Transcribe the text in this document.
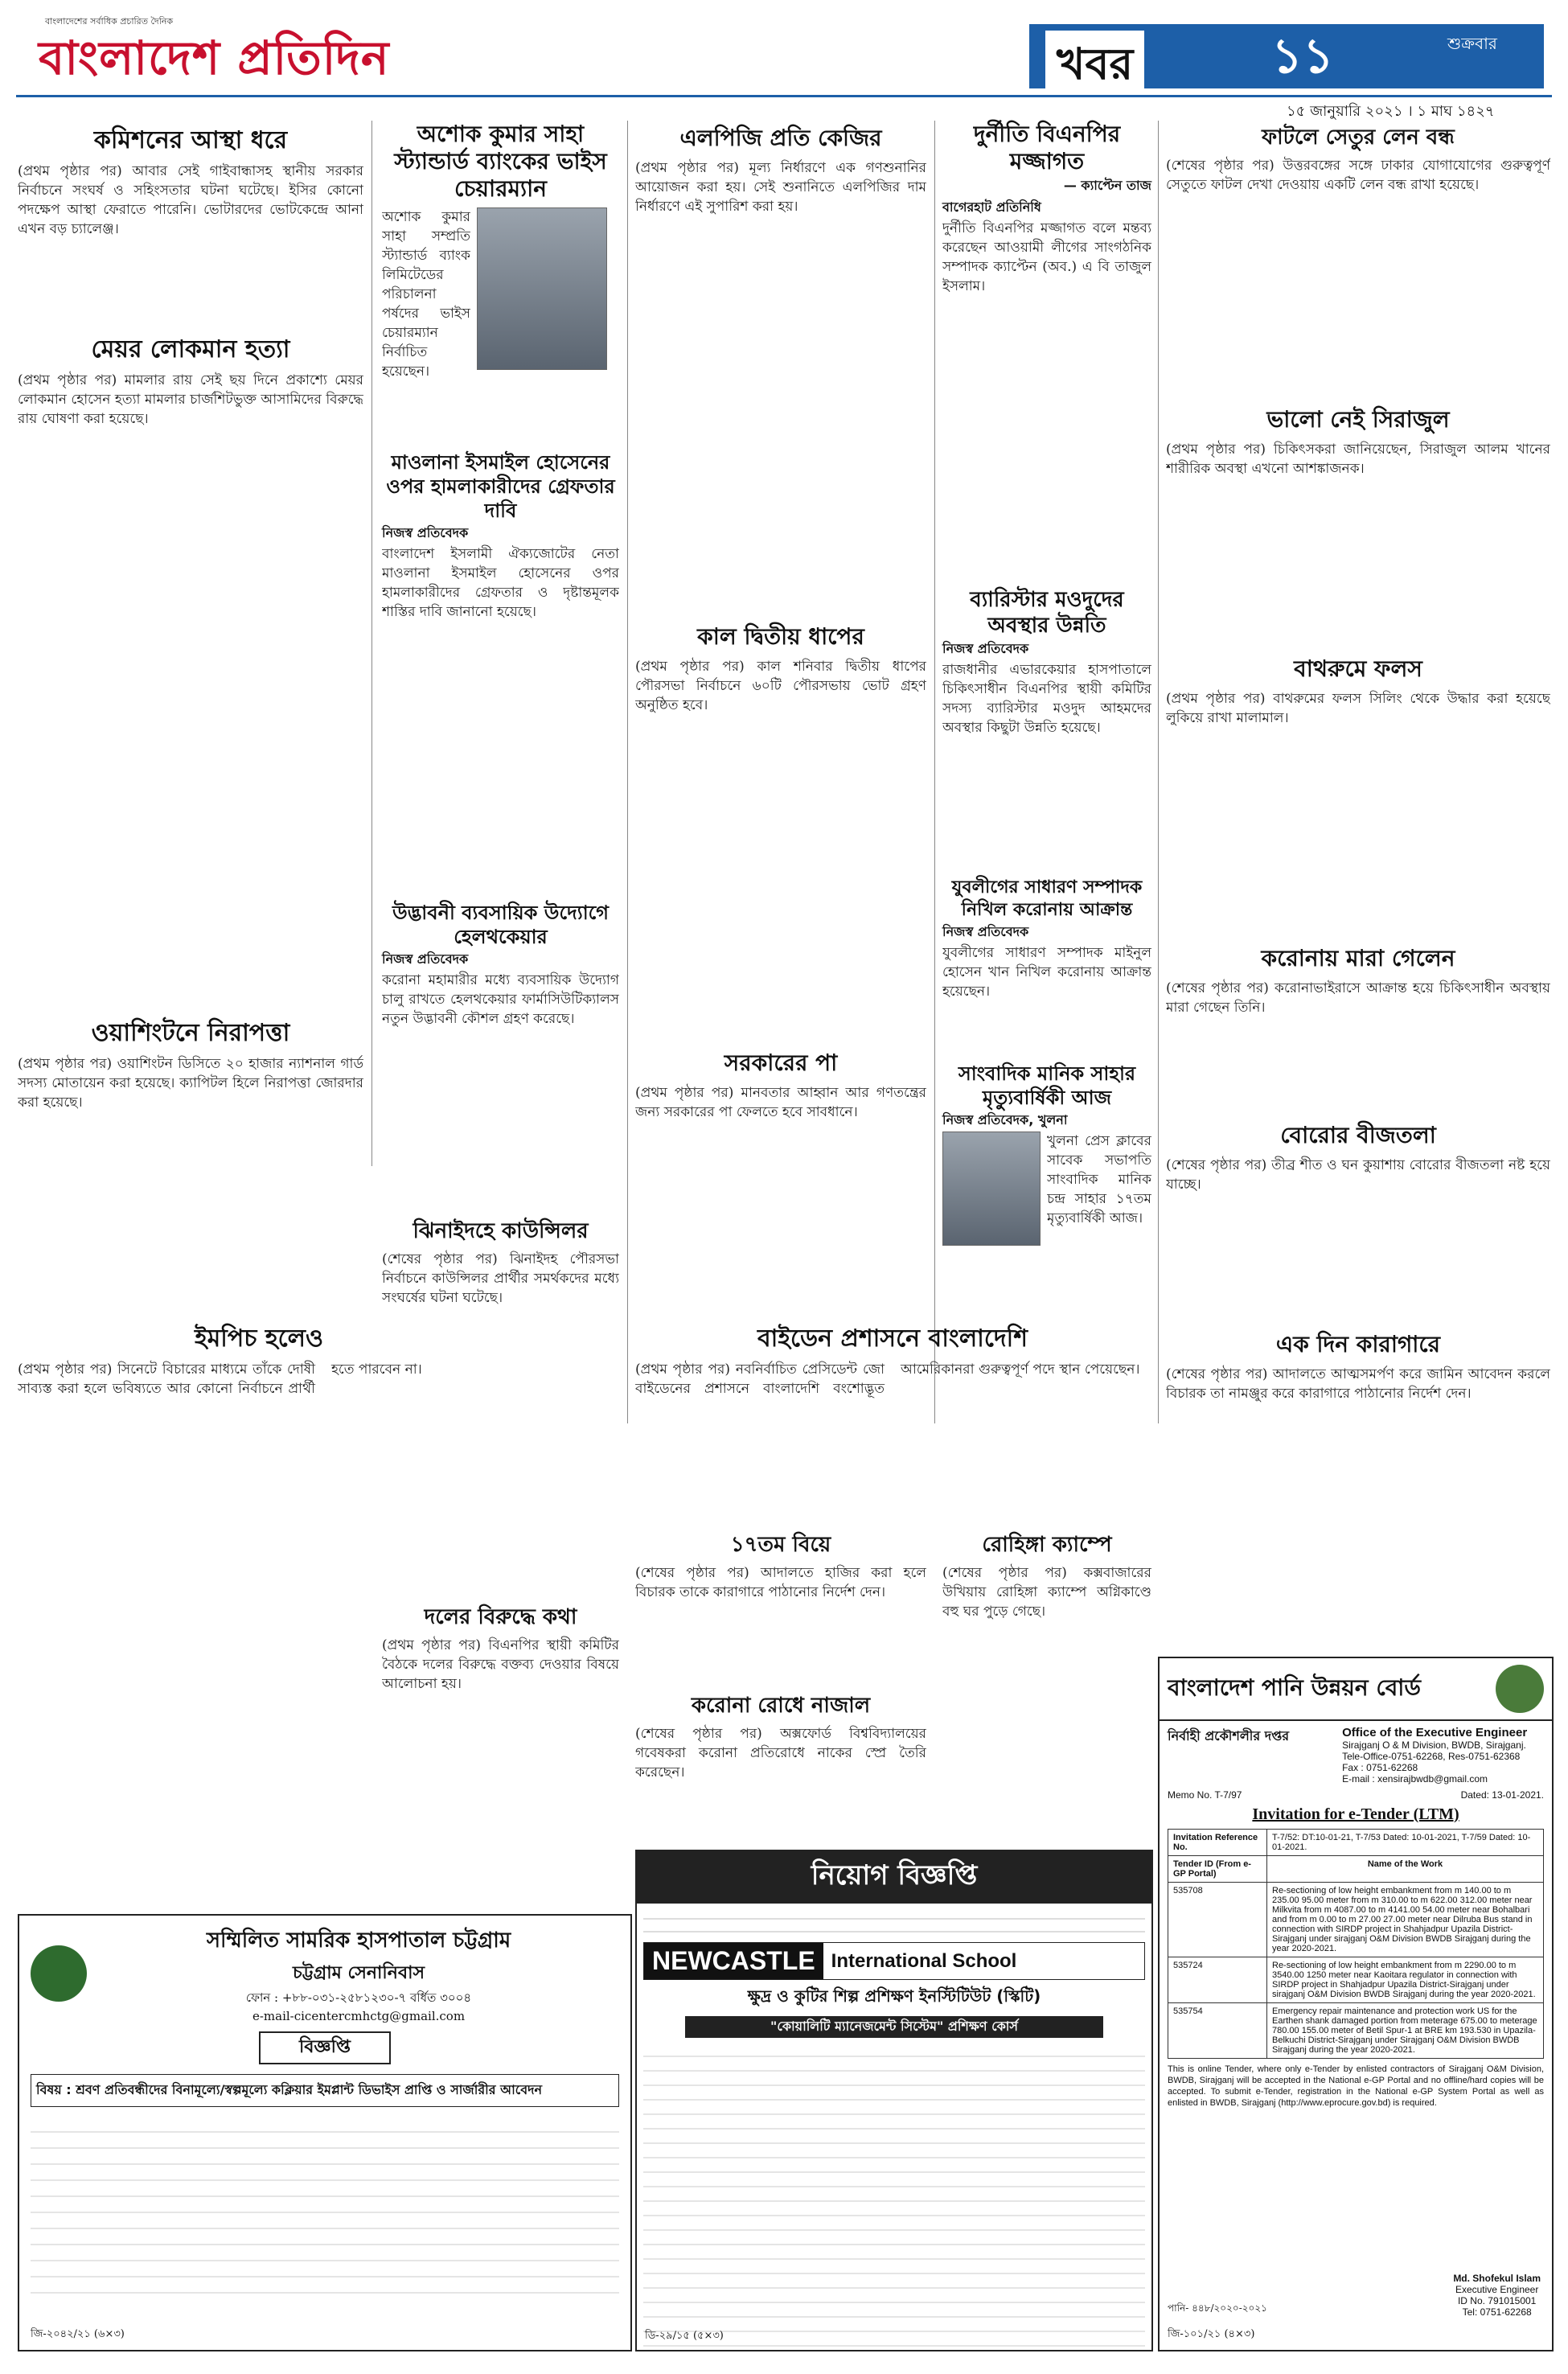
বাংলাদেশের সর্বাধিক প্রচারিত দৈনিক
বাংলাদেশ প্রতিদিন	খবর	১১	শুক্রবার
১৫ জানুয়ারি ২০২১ । ১ মাঘ ১৪২৭
কমিশনের আস্থা ধরে
(প্রথম পৃষ্ঠার পর) আবার সেই গাইবান্ধাসহ স্থানীয় সরকার নির্বাচনে সংঘর্ষ ও সহিংসতার ঘটনা ঘটেছে। ইসির কোনো পদক্ষেপ আস্থা ফেরাতে পারেনি। ভোটারদের ভোটকেন্দ্রে আনা এখন বড় চ্যালেঞ্জ।
মেয়র লোকমান হত্যা
(প্রথম পৃষ্ঠার পর) মামলার রায় সেই ছয় দিনে প্রকাশ্যে মেয়র লোকমান হোসেন হত্যা মামলার চার্জশিটভুক্ত আসামিদের বিরুদ্ধে রায় ঘোষণা করা হয়েছে।
ওয়াশিংটনে নিরাপত্তা
(প্রথম পৃষ্ঠার পর) ওয়াশিংটন ডিসিতে ২০ হাজার ন্যাশনাল গার্ড সদস্য মোতায়েন করা হয়েছে। ক্যাপিটল হিলে নিরাপত্তা জোরদার করা হয়েছে।
ইমপিচ হলেও
(প্রথম পৃষ্ঠার পর) সিনেটে বিচারের মাধ্যমে তাঁকে দোষী সাব্যস্ত করা হলে ভবিষ্যতে আর কোনো নির্বাচনে প্রার্থী হতে পারবেন না।
অশোক কুমার সাহা স্ট্যান্ডার্ড ব্যাংকের ভাইস চেয়ারম্যান
অশোক কুমার সাহা সম্প্রতি স্ট্যান্ডার্ড ব্যাংক লিমিটেডের পরিচালনা পর্ষদের ভাইস চেয়ারম্যান নির্বাচিত হয়েছেন।
মাওলানা ইসমাইল হোসেনের ওপর হামলাকারীদের গ্রেফতার দাবি
নিজস্ব প্রতিবেদক
বাংলাদেশ ইসলামী ঐক্যজোটের নেতা মাওলানা ইসমাইল হোসেনের ওপর হামলাকারীদের গ্রেফতার ও দৃষ্টান্তমূলক শাস্তির দাবি জানানো হয়েছে।
উদ্ভাবনী ব্যবসায়িক উদ্যোগে হেলথকেয়ার
নিজস্ব প্রতিবেদক
করোনা মহামারীর মধ্যে ব্যবসায়িক উদ্যোগ চালু রাখতে হেলথকেয়ার ফার্মাসিউটিক্যালস নতুন উদ্ভাবনী কৌশল গ্রহণ করেছে।
ঝিনাইদহে কাউন্সিলর
(শেষের পৃষ্ঠার পর) ঝিনাইদহ পৌরসভা নির্বাচনে কাউন্সিলর প্রার্থীর সমর্থকদের মধ্যে সংঘর্ষের ঘটনা ঘটেছে।
দলের বিরুদ্ধে কথা
(প্রথম পৃষ্ঠার পর) বিএনপির স্থায়ী কমিটির বৈঠকে দলের বিরুদ্ধে বক্তব্য দেওয়ার বিষয়ে আলোচনা হয়।
এলপিজি প্রতি কেজির
(প্রথম পৃষ্ঠার পর) মূল্য নির্ধারণে এক গণশুনানির আয়োজন করা হয়। সেই শুনানিতে এলপিজির দাম নির্ধারণে এই সুপারিশ করা হয়।
কাল দ্বিতীয় ধাপের
(প্রথম পৃষ্ঠার পর) কাল শনিবার দ্বিতীয় ধাপের পৌরসভা নির্বাচনে ৬০টি পৌরসভায় ভোট গ্রহণ অনুষ্ঠিত হবে।
সরকারের পা
(প্রথম পৃষ্ঠার পর) মানবতার আহ্বান আর গণতন্ত্রের জন্য সরকারের পা ফেলতে হবে সাবধানে।
বাইডেন প্রশাসনে বাংলাদেশি
(প্রথম পৃষ্ঠার পর) নবনির্বাচিত প্রেসিডেন্ট জো বাইডেনের প্রশাসনে বাংলাদেশি বংশোদ্ভূত আমেরিকানরা গুরুত্বপূর্ণ পদে স্থান পেয়েছেন।
১৭তম বিয়ে
(শেষের পৃষ্ঠার পর) আদালতে হাজির করা হলে বিচারক তাকে কারাগারে পাঠানোর নির্দেশ দেন।
করোনা রোধে নাজাল
(শেষের পৃষ্ঠার পর) অক্সফোর্ড বিশ্ববিদ্যালয়ের গবেষকরা করোনা প্রতিরোধে নাকের স্প্রে তৈরি করেছেন।
দুর্নীতি বিএনপির মজ্জাগত
— ক্যাপ্টেন তাজ
বাগেরহাট প্রতিনিধি
দুর্নীতি বিএনপির মজ্জাগত বলে মন্তব্য করেছেন আওয়ামী লীগের সাংগঠনিক সম্পাদক ক্যাপ্টেন (অব.) এ বি তাজুল ইসলাম।
ব্যারিস্টার মওদুদের অবস্থার উন্নতি
নিজস্ব প্রতিবেদক
রাজধানীর এভারকেয়ার হাসপাতালে চিকিৎসাধীন বিএনপির স্থায়ী কমিটির সদস্য ব্যারিস্টার মওদুদ আহমদের অবস্থার কিছুটা উন্নতি হয়েছে।
যুবলীগের সাধারণ সম্পাদক নিখিল করোনায় আক্রান্ত
নিজস্ব প্রতিবেদক
যুবলীগের সাধারণ সম্পাদক মাইনুল হোসেন খান নিখিল করোনায় আক্রান্ত হয়েছেন।
সাংবাদিক মানিক সাহার মৃত্যুবার্ষিকী আজ
নিজস্ব প্রতিবেদক, খুলনা
খুলনা প্রেস ক্লাবের সাবেক সভাপতি সাংবাদিক মানিক চন্দ্র সাহার ১৭তম মৃত্যুবার্ষিকী আজ।
রোহিঙ্গা ক্যাম্পে
(শেষের পৃষ্ঠার পর) কক্সবাজারের উখিয়ায় রোহিঙ্গা ক্যাম্পে অগ্নিকাণ্ডে বহু ঘর পুড়ে গেছে।
ফাটলে সেতুর লেন বন্ধ
(শেষের পৃষ্ঠার পর) উত্তরবঙ্গের সঙ্গে ঢাকার যোগাযোগের গুরুত্বপূর্ণ সেতুতে ফাটল দেখা দেওয়ায় একটি লেন বন্ধ রাখা হয়েছে।
ভালো নেই সিরাজুল
(প্রথম পৃষ্ঠার পর) চিকিৎসকরা জানিয়েছেন, সিরাজুল আলম খানের শারীরিক অবস্থা এখনো আশঙ্কাজনক।
বাথরুমে ফলস
(প্রথম পৃষ্ঠার পর) বাথরুমের ফলস সিলিং থেকে উদ্ধার করা হয়েছে লুকিয়ে রাখা মালামাল।
করোনায় মারা গেলেন
(শেষের পৃষ্ঠার পর) করোনাভাইরাসে আক্রান্ত হয়ে চিকিৎসাধীন অবস্থায় মারা গেছেন তিনি।
বোরোর বীজতলা
(শেষের পৃষ্ঠার পর) তীব্র শীত ও ঘন কুয়াশায় বোরোর বীজতলা নষ্ট হয়ে যাচ্ছে।
এক দিন কারাগারে
(শেষের পৃষ্ঠার পর) আদালতে আত্মসমর্পণ করে জামিন আবেদন করলে বিচারক তা নামঞ্জুর করে কারাগারে পাঠানোর নির্দেশ দেন।
সম্মিলিত সামরিক হাসপাতাল চট্টগ্রাম
চট্টগ্রাম সেনানিবাস
ফোন : +৮৮-০৩১-২৫৮১২৩০-৭ বর্ধিত ৩০০৪
e-mail-cicentercmhctg@gmail.com
বিজ্ঞপ্তি
বিষয় : শ্রবণ প্রতিবন্ধীদের বিনামূল্যে/স্বল্পমূল্যে কক্লিয়ার ইমপ্লান্ট ডিভাইস প্রাপ্তি ও সার্জারীর আবেদন
জি-২০৪২/২১ (৬×৩)
নিয়োগ বিজ্ঞপ্তি
NEWCASTLE International School
ক্ষুদ্র ও কুটির শিল্প প্রশিক্ষণ ইনস্টিটিউট (স্কিটি)
"কোয়ালিটি ম্যানেজমেন্ট সিস্টেম" প্রশিক্ষণ কোর্স
ডি-২৯/১৫ (৫×৩)
বাংলাদেশ পানি উন্নয়ন বোর্ড
নির্বাহী প্রকৌশলীর দপ্তর	Office of the Executive Engineer
Sirajganj O & M Division, BWDB, Sirajganj.
Tele-Office-0751-62268, Res-0751-62368
Fax : 0751-62268
E-mail : xensirajbwdb@gmail.com
Memo No. T-7/97	Dated: 13-01-2021.
Invitation for e-Tender (LTM)
Invitation Reference No.	T-7/52: DT:10-01-21, T-7/53 Dated: 10-01-2021, T-7/59 Dated: 10-01-2021.
Tender ID (From e-GP Portal)	Name of the Work
535708	Re-sectioning of low height embankment from m 140.00 to m 235.00 95.00 meter from m 310.00 to m 622.00 312.00 meter near Milkvita from m 4087.00 to m 4141.00 54.00 meter near Bohalbari and from m 0.00 to m 27.00 27.00 meter near Dilruba Bus stand in connection with SIRDP project in Shahjadpur Upazila District-Sirajganj under sirajganj O&M Division BWDB Sirajganj during the year 2020-2021.
535724	Re-sectioning of low height embankment from m 2290.00 to m 3540.00 1250 meter near Kaoitara regulator in connection with SIRDP project in Shahjadpur Upazila District-Sirajganj under sirajganj O&M Division BWDB Sirajganj during the year 2020-2021.
535754	Emergency repair maintenance and protection work US for the Earthen shank damaged portion from meterage 675.00 to meterage 780.00 155.00 meter of Betil Spur-1 at BRE km 193.530 in Upazila-Belkuchi District-Sirajganj under Sirajganj O&M Division BWDB Sirajganj during the year 2020-2021.
This is online Tender, where only e-Tender by enlisted contractors of Sirajganj O&M Division, BWDB, Sirajganj will be accepted in the National e-GP Portal and no offline/hard copies will be accepted. To submit e-Tender, registration in the National e-GP System Portal as well as enlisted in BWDB, Sirajganj (http://www.eprocure.gov.bd) is required.
Md. Shofekul Islam
Executive Engineer
ID No. 791015001
Tel: 0751-62268
পানি- ৪৪৮/২০২০-২০২১
জি-১০১/২১ (৪×৩)
